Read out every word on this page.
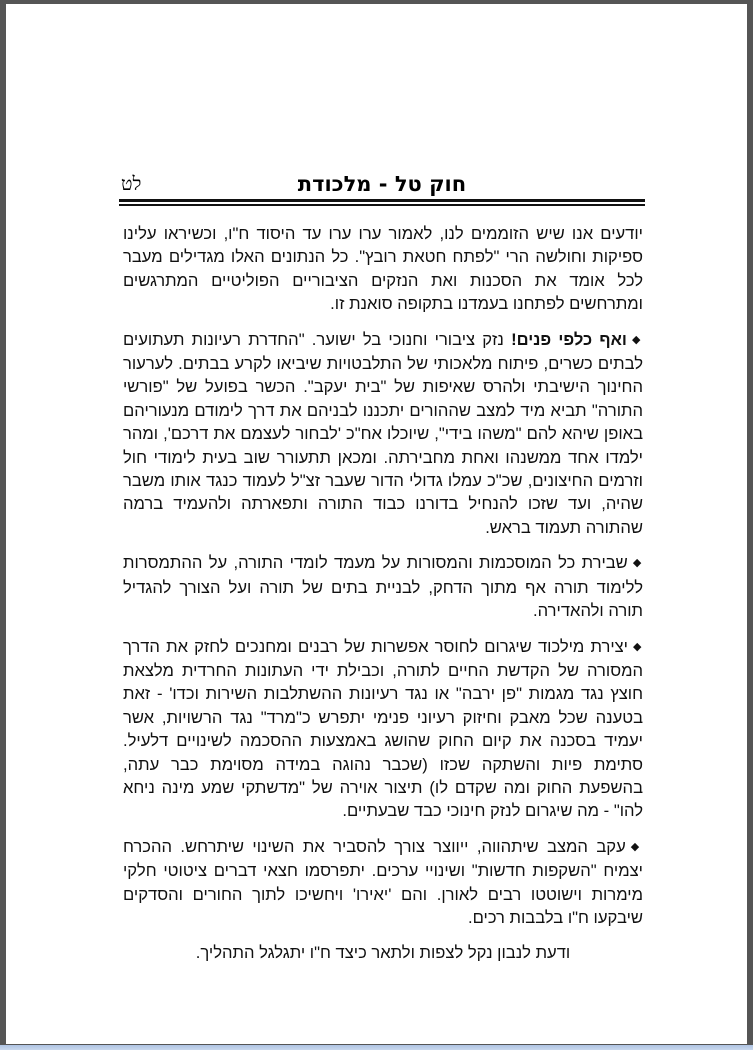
חוק טל - מלכודת
לט

יודעים אנו שיש הזוממים לנו, לאמור ערו ערו עד היסוד ח"ו, וכשיראו עלינו ספיקות וחולשה הרי "לפתח חטאת רובץ". כל הנתונים האלו מגדילים מעבר לכל אומד את הסכנות ואת הנזקים הציבוריים הפוליטיים המתרגשים ומתרחשים לפתחנו בעמדנו בתקופה סואנת זו.

◆ואף כלפי פנים! נזק ציבורי וחנוכי בל ישוער. "החדרת רעיונות תעתועים לבתים כשרים, פיתוח מלאכותי של התלבטויות שיביאו לקרע בבתים. לערעור החינוך הישיבתי ולהרס שאיפות של "בית יעקב". הכשר בפועל של "פורשי התורה" תביא מיד למצב שההורים יתכננו לבניהם את דרך לימודם מנעוריהם באופן שיהא להם "משהו בידי", שיוכלו אח"כ 'לבחור לעצמם את דרכם', ומהר ילמדו אחד ממשנהו ואחת מחבירתה. ומכאן תתעורר שוב בעית לימודי חול וזרמים החיצונים, שכ"כ עמלו גדולי הדור שעבר זצ"ל לעמוד כנגד אותו משבר שהיה, ועד שזכו להנחיל בדורנו כבוד התורה ותפארתה ולהעמיד ברמה שהתורה תעמוד בראש.

◆שבירת כל המוסכמות והמסורות על מעמד לומדי התורה, על ההתמסרות ללימוד תורה אף מתוך הדחק, לבניית בתים של תורה ועל הצורך להגדיל תורה ולהאדירה.

◆יצירת מילכוד שיגרום לחוסר אפשרות של רבנים ומחנכים לחזק את הדרך המסורה של הקדשת החיים לתורה, וכבילת ידי העתונות החרדית מלצאת חוצץ נגד מגמות "פן ירבה" או נגד רעיונות ההשתלבות השירות וכדו' - זאת בטענה שכל מאבק וחיזוק רעיוני פנימי יתפרש כ"מרד" נגד הרשויות, אשר יעמיד בסכנה את קיום החוק שהושג באמצעות ההסכמה לשינויים דלעיל. סתימת פיות והשתקה שכזו (שכבר נהוגה במידה מסוימת כבר עתה, בהשפעת החוק ומה שקדם לו) תיצור אוירה של "מדשתקי שמע מינה ניחא להו" - מה שיגרום לנזק חינוכי כבד שבעתיים.

◆עקב המצב שיתהווה, ייווצר צורך להסביר את השינוי שיתרחש. ההכרח יצמיח "השקפות חדשות" ושינויי ערכים. יתפרסמו חצאי דברים ציטוטי חלקי מימרות וישוטטו רבים לאורן. והם 'יאירו' ויחשיכו לתוך החורים והסדקים שיבקעו ח"ו בלבבות רכים.

ודעת לנבון נקל לצפות ולתאר כיצד ח"ו יתגלגל התהליך.
